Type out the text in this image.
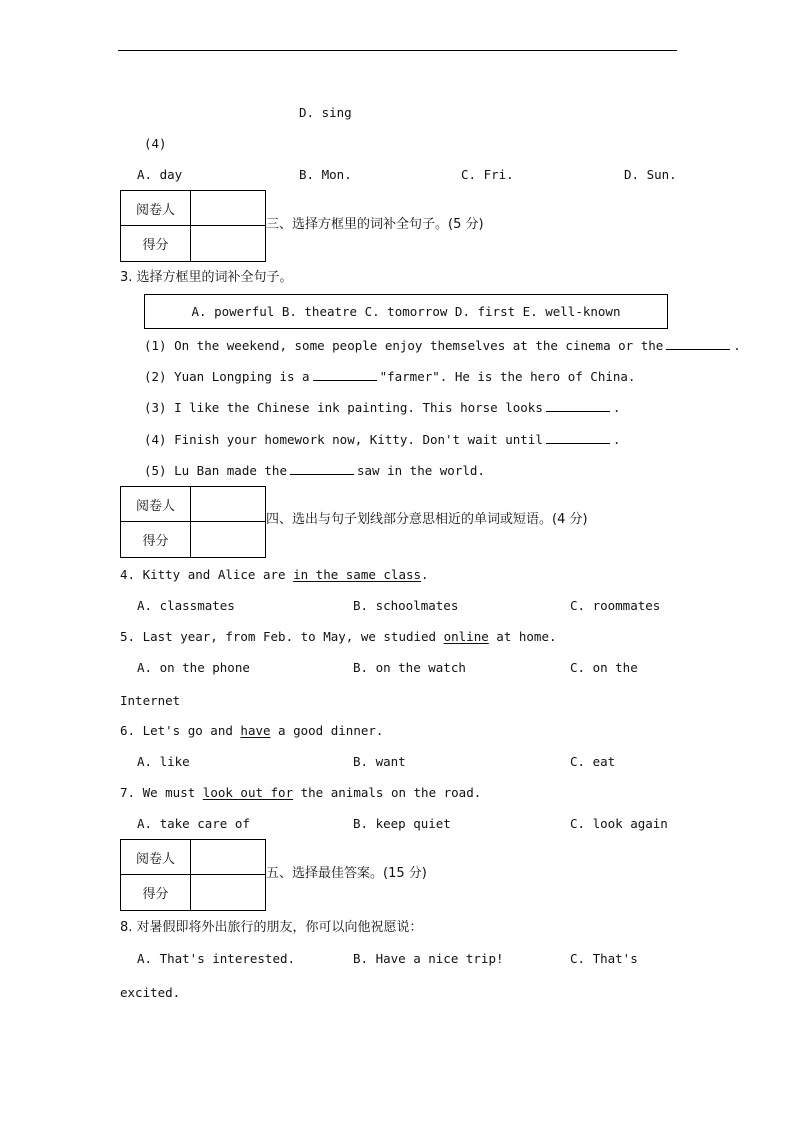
D. sing
(4)
A. day	B. Mon.	C. Fri.	D. Sun.
阅卷人
得分
三、选择方框里的词补全句子。(5 分)
3. 选择方框里的词补全句子。
A. powerful B. theatre C. tomorrow D. first E. well-known
(1) On the weekend, some people enjoy themselves at the cinema or the	.
(2) Yuan Longping is a	"farmer". He is the hero of China.
(3) I like the Chinese ink painting. This horse looks	.
(4) Finish your homework now, Kitty. Don't wait until	.
(5) Lu Ban made the	saw in the world.
阅卷人
得分
四、选出与句子划线部分意思相近的单词或短语。(4 分)
4. Kitty and Alice are in the same class.
A. classmates	B. schoolmates	C. roommates
5. Last year, from Feb. to May, we studied online at home.
A. on the phone	B. on the watch	C. on the
Internet
6. Let's go and have a good dinner.
A. like	B. want	C. eat
7. We must look out for the animals on the road.
A. take care of	B. keep quiet	C. look again
阅卷人
得分
五、选择最佳答案。(15 分)
8. 对暑假即将外出旅行的朋友，你可以向他祝愿说：
A. That's interested.	B. Have a nice trip!	C. That's
excited.
